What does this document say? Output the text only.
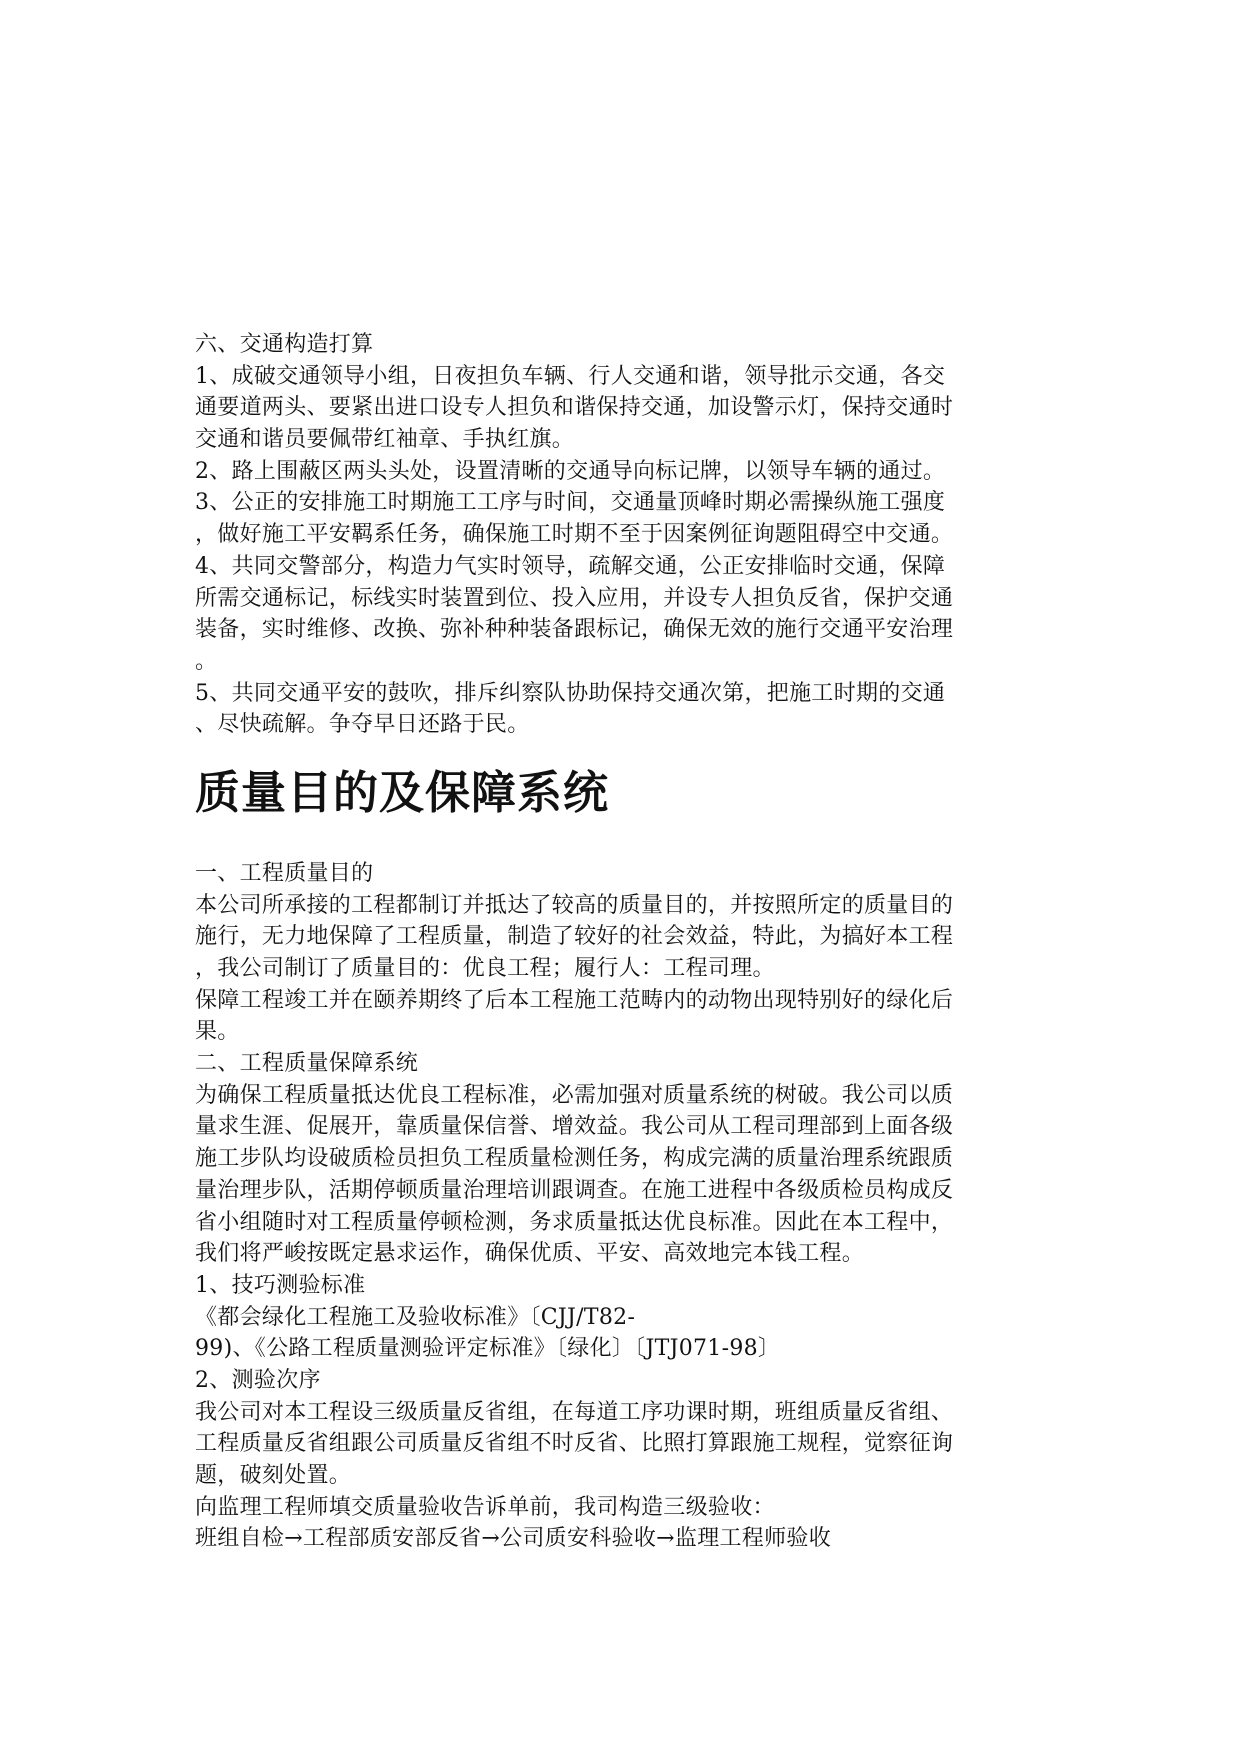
六、交通构造打算
1、成破交通领导小组，日夜担负车辆、行人交通和谐，领导批示交通，各交
通要道两头、要紧出进口设专人担负和谐保持交通，加设警示灯，保持交通时
交通和谐员要佩带红袖章、手执红旗。
2、路上围蔽区两头头处，设置清晰的交通导向标记牌，以领导车辆的通过。
3、公正的安排施工时期施工工序与时间，交通量顶峰时期必需操纵施工强度
，做好施工平安羁系任务，确保施工时期不至于因案例征询题阻碍空中交通。
4、共同交警部分，构造力气实时领导，疏解交通，公正安排临时交通，保障
所需交通标记，标线实时装置到位、投入应用，并设专人担负反省，保护交通
装备，实时维修、改换、弥补种种装备跟标记，确保无效的施行交通平安治理
。
5、共同交通平安的鼓吹，排斥纠察队协助保持交通次第，把施工时期的交通
、尽快疏解。争夺早日还路于民。
质量目的及保障系统
一、工程质量目的
本公司所承接的工程都制订并抵达了较高的质量目的，并按照所定的质量目的
施行，无力地保障了工程质量，制造了较好的社会效益，特此，为搞好本工程
，我公司制订了质量目的：优良工程；履行人：工程司理。
保障工程竣工并在颐养期终了后本工程施工范畴内的动物出现特别好的绿化后
果。
二、工程质量保障系统
为确保工程质量抵达优良工程标准，必需加强对质量系统的树破。我公司以质
量求生涯、促展开，靠质量保信誉、增效益。我公司从工程司理部到上面各级
施工步队均设破质检员担负工程质量检测任务，构成完满的质量治理系统跟质
量治理步队，活期停顿质量治理培训跟调查。在施工进程中各级质检员构成反
省小组随时对工程质量停顿检测，务求质量抵达优良标准。因此在本工程中，
我们将严峻按既定悬求运作，确保优质、平安、高效地完本钱工程。
1、技巧测验标准
《都会绿化工程施工及验收标准》〔CJJ/T82-
99)、《公路工程质量测验评定标准》〔绿化〕〔JTJ071-98〕
2、测验次序
我公司对本工程设三级质量反省组，在每道工序功课时期，班组质量反省组、
工程质量反省组跟公司质量反省组不时反省、比照打算跟施工规程，觉察征询
题，破刻处置。
向监理工程师填交质量验收告诉单前，我司构造三级验收：
班组自检→工程部质安部反省→公司质安科验收→监理工程师验收
